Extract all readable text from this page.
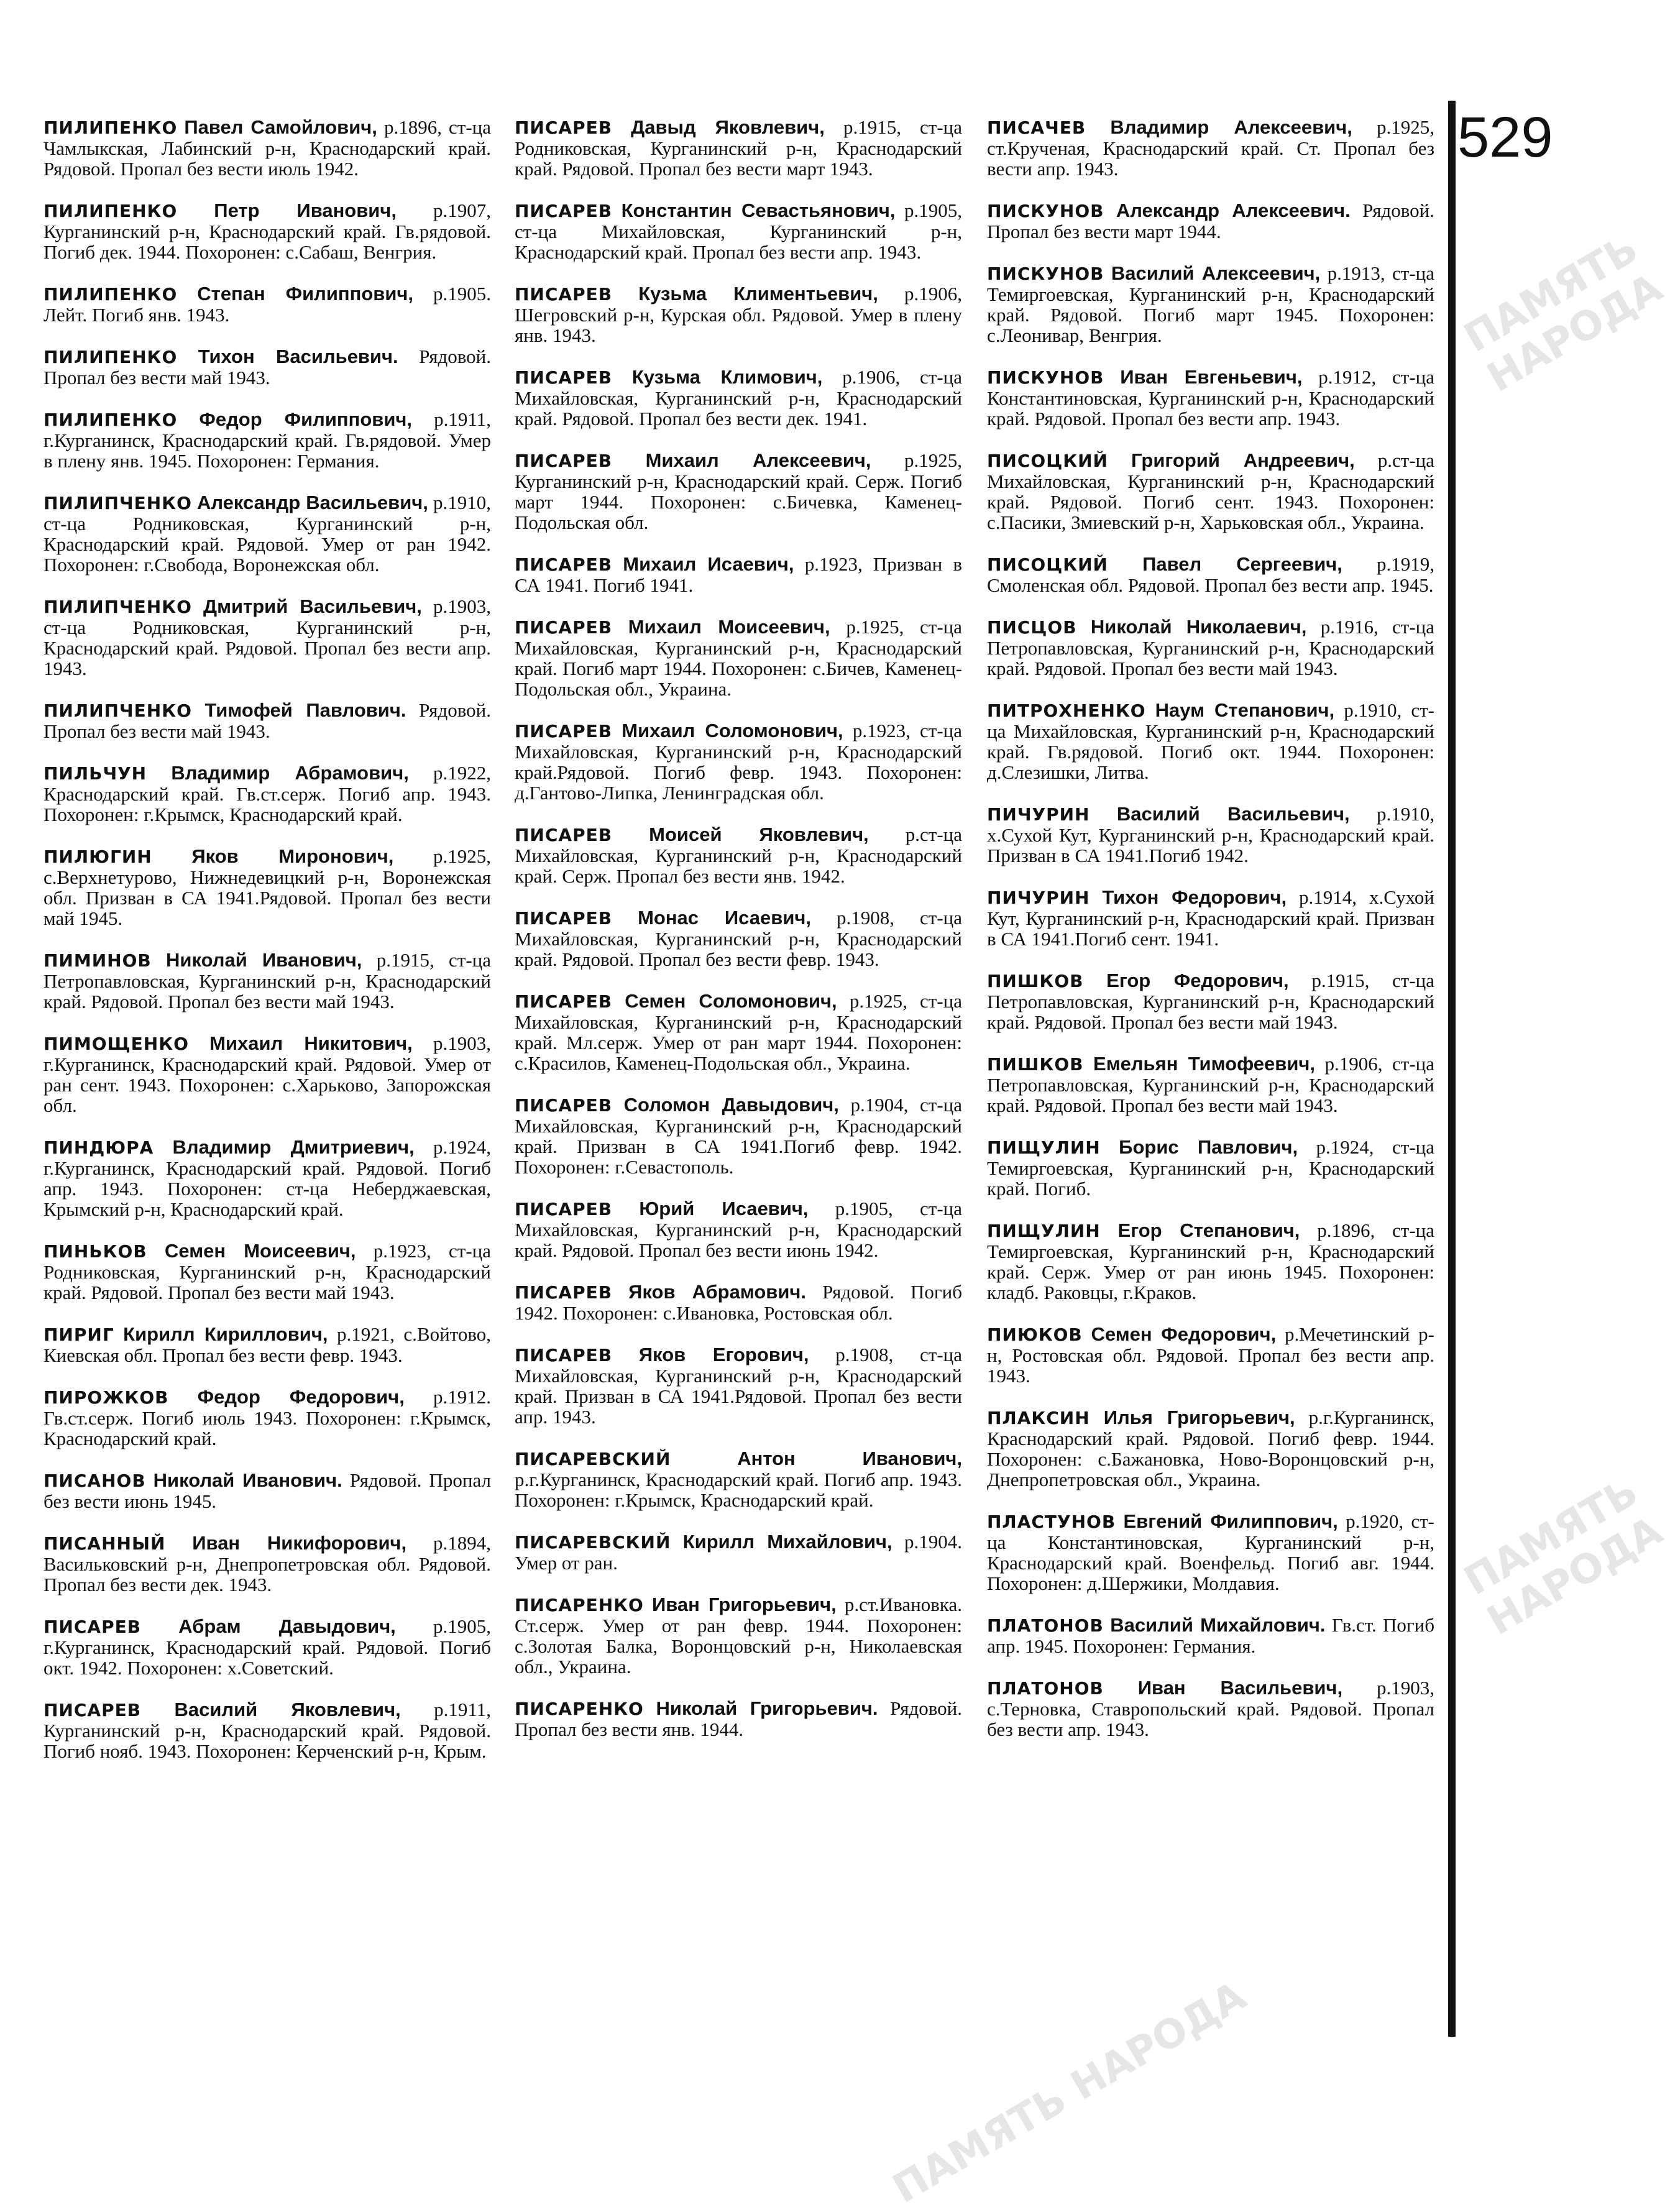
ПАМЯТЬ НАРОДА
ПАМЯТЬ НАРОДА
ПАМЯТЬ НАРОДА
ПИЛИПЕНКО Павел Самойлович, р.1896, ст-ца Чамлыкская, Лабинский р-н, Краснодарский край. Рядовой. Пропал без вести июль 1942.
ПИЛИПЕНКО Петр Иванович, р.1907, Курганинский р-н, Краснодарский край. Гв.рядовой. Погиб дек. 1944. Похоронен: с.Сабаш, Венгрия.
ПИЛИПЕНКО Степан Филиппович, р.1905. Лейт. Погиб янв. 1943.
ПИЛИПЕНКО Тихон Васильевич. Рядовой. Пропал без вести май 1943.
ПИЛИПЕНКО Федор Филиппович, р.1911, г.Курганинск, Краснодарский край. Гв.рядовой. Умер в плену янв. 1945. Похоронен: Германия.
ПИЛИПЧЕНКО Александр Васильевич, р.1910, ст-ца Родниковская, Курганинский р-н, Краснодарский край. Рядовой. Умер от ран 1942. Похоронен: г.Свобода, Воронежская обл.
ПИЛИПЧЕНКО Дмитрий Васильевич, р.1903, ст-ца Родниковская, Курганинский р-н, Краснодарский край. Рядовой. Пропал без вести апр. 1943.
ПИЛИПЧЕНКО Тимофей Павлович. Рядовой. Пропал без вести май 1943.
ПИЛЬЧУН Владимир Абрамович, р.1922, Краснодарский край. Гв.ст.серж. Погиб апр. 1943. Похоронен: г.Крымск, Краснодарский край.
ПИЛЮГИН Яков Миронович, р.1925, с.Верхнетурово, Нижнедевицкий р-н, Воронежская обл. Призван в СА 1941.Рядовой. Пропал без вести май 1945.
ПИМИНОВ Николай Иванович, р.1915, ст-ца Петропавловская, Курганинский р-н, Краснодарский край. Рядовой. Пропал без вести май 1943.
ПИМОЩЕНКО Михаил Никитович, р.1903, г.Курганинск, Краснодарский край. Рядовой. Умер от ран сент. 1943. Похоронен: с.Харьково, Запорожская обл.
ПИНДЮРА Владимир Дмитриевич, р.1924, г.Курганинск, Краснодарский край. Рядовой. Погиб апр. 1943. Похоронен: ст-ца Неберджаевская, Крымский р-н, Краснодарский край.
ПИНЬКОВ Семен Моисеевич, р.1923, ст-ца Родниковская, Курганинский р-н, Краснодарский край. Рядовой. Пропал без вести май 1943.
ПИРИГ Кирилл Кириллович, р.1921, с.Войтово, Киевская обл. Пропал без вести февр. 1943.
ПИРОЖКОВ Федор Федорович, р.1912. Гв.ст.серж. Погиб июль 1943. Похоронен: г.Крымск, Краснодарский край.
ПИСАНОВ Николай Иванович. Рядовой. Пропал без вести июнь 1945.
ПИСАННЫЙ Иван Никифорович, р.1894, Васильковский р-н, Днепропетровская обл. Рядовой. Пропал без вести дек. 1943.
ПИСАРЕВ Абрам Давыдович, р.1905, г.Курганинск, Краснодарский край. Рядовой. Погиб окт. 1942. Похоронен: х.Советский.
ПИСАРЕВ Василий Яковлевич, р.1911, Курганинский р-н, Краснодарский край. Рядовой. Погиб нояб. 1943. Похоронен: Керченский р-н, Крым.
ПИСАРЕВ Давыд Яковлевич, р.1915, ст-ца Родниковская, Курганинский р-н, Краснодарский край. Рядовой. Пропал без вести март 1943.
ПИСАРЕВ Константин Севастьянович, р.1905, ст-ца Михайловская, Курганинский р-н, Краснодарский край. Пропал без вести апр. 1943.
ПИСАРЕВ Кузьма Климентьевич, р.1906, Шегровский р-н, Курская обл. Рядовой. Умер в плену янв. 1943.
ПИСАРЕВ Кузьма Климович, р.1906, ст-ца Михайловская, Курганинский р-н, Краснодарский край. Рядовой. Пропал без вести дек. 1941.
ПИСАРЕВ Михаил Алексеевич, р.1925, Курганинский р-н, Краснодарский край. Серж. Погиб март 1944. Похоронен: с.Бичевка, Каменец-Подольская обл.
ПИСАРЕВ Михаил Исаевич, р.1923, Призван в СА 1941. Погиб 1941.
ПИСАРЕВ Михаил Моисеевич, р.1925, ст-ца Михайловская, Курганинский р-н, Краснодарский край. Погиб март 1944. Похоронен: с.Бичев, Каменец-Подольская обл., Украина.
ПИСАРЕВ Михаил Соломонович, р.1923, ст-ца Михайловская, Курганинский р-н, Краснодарский край.Рядовой. Погиб февр. 1943. Похоронен: д.Гантово-Липка, Ленинградская обл.
ПИСАРЕВ Моисей Яковлевич, р.ст-ца Михайловская, Курганинский р-н, Краснодарский край. Серж. Пропал без вести янв. 1942.
ПИСАРЕВ Монас Исаевич, р.1908, ст-ца Михайловская, Курганинский р-н, Краснодарский край. Рядовой. Пропал без вести февр. 1943.
ПИСАРЕВ Семен Соломонович, р.1925, ст-ца Михайловская, Курганинский р-н, Краснодарский край. Мл.серж. Умер от ран март 1944. Похоронен: с.Красилов, Каменец-Подольская обл., Украина.
ПИСАРЕВ Соломон Давыдович, р.1904, ст-ца Михайловская, Курганинский р-н, Краснодарский край. Призван в СА 1941.Погиб февр. 1942. Похоронен: г.Севастополь.
ПИСАРЕВ Юрий Исаевич, р.1905, ст-ца Михайловская, Курганинский р-н, Краснодарский край. Рядовой. Пропал без вести июнь 1942.
ПИСАРЕВ Яков Абрамович. Рядовой. Погиб 1942. Похоронен: с.Ивановка, Ростовская обл.
ПИСАРЕВ Яков Егорович, р.1908, ст-ца Михайловская, Курганинский р-н, Краснодарский край. Призван в СА 1941.Рядовой. Пропал без вести апр. 1943.
ПИСАРЕВСКИЙ	Антон Иванович, р.г.Курганинск, Краснодарский край. Погиб апр. 1943. Похоронен: г.Крымск, Краснодарский край.
ПИСАРЕВСКИЙ Кирилл Михайлович, р.1904. Умер от ран.
ПИСАРЕНКО Иван Григорьевич, р.ст.Ивановка. Ст.серж. Умер от ран февр. 1944. Похоронен: с.Золотая Балка, Воронцовский р-н, Николаевская обл., Украина.
ПИСАРЕНКО Николай Григорьевич. Рядовой. Пропал без вести янв. 1944.
ПИСАЧЕВ Владимир Алексеевич, р.1925, ст.Крученая, Краснодарский край. Ст. Пропал без вести апр. 1943.
ПИСКУНОВ Александр Алексеевич. Рядовой. Пропал без вести март 1944.
ПИСКУНОВ Василий Алексеевич, р.1913, ст-ца Темиргоевская, Курганинский р-н, Краснодарский край. Рядовой. Погиб март 1945. Похоронен: с.Леонивар, Венгрия.
ПИСКУНОВ Иван Евгеньевич, р.1912, ст-ца Константиновская, Курганинский р-н, Краснодарский край. Рядовой. Пропал без вести апр. 1943.
ПИСОЦКИЙ Григорий Андреевич, р.ст-ца Михайловская, Курганинский р-н, Краснодарский край. Рядовой. Погиб сент. 1943. Похоронен: с.Пасики, Змиевский р-н, Харьковская обл., Украина.
ПИСОЦКИЙ Павел Сергеевич, р.1919, Смоленская обл. Рядовой. Пропал без вести апр. 1945.
ПИСЦОВ Николай Николаевич, р.1916, ст-ца Петропавловская, Курганинский р-н, Краснодарский край. Рядовой. Пропал без вести май 1943.
ПИТРОХНЕНКО Наум Степанович, р.1910, ст-ца Михайловская, Курганинский р-н, Краснодарский край. Гв.рядовой. Погиб окт. 1944. Похоронен: д.Слезишки, Литва.
ПИЧУРИН Василий Васильевич, р.1910, х.Сухой Кут, Курганинский р-н, Краснодарский край. Призван в СА 1941.Погиб 1942.
ПИЧУРИН Тихон Федорович, р.1914, х.Сухой Кут, Курганинский р-н, Краснодарский край. Призван в СА 1941.Погиб сент. 1941.
ПИШКОВ Егор Федорович, р.1915, ст-ца Петропавловская, Курганинский р-н, Краснодарский край. Рядовой. Пропал без вести май 1943.
ПИШКОВ Емельян Тимофеевич, р.1906, ст-ца Петропавловская, Курганинский р-н, Краснодарский край. Рядовой. Пропал без вести май 1943.
ПИЩУЛИН Борис Павлович, р.1924, ст-ца Темиргоевская, Курганинский р-н, Краснодарский край. Погиб.
ПИЩУЛИН Егор Степанович, р.1896, ст-ца Темиргоевская, Курганинский р-н, Краснодарский край. Серж. Умер от ран июнь 1945. Похоронен: кладб. Раковцы, г.Краков.
ПИЮКОВ Семен Федорович, р.Мечетинский р-н, Ростовская обл. Рядовой. Пропал без вести апр. 1943.
ПЛАКСИН Илья Григорьевич, р.г.Курганинск, Краснодарский край. Рядовой. Погиб февр. 1944. Похоронен: с.Бажановка, Ново-Воронцовский р-н, Днепропетровская обл., Украина.
ПЛАСТУНОВ Евгений Филиппович, р.1920, ст-ца Константиновская, Курганинский р-н, Краснодарский край. Военфельд. Погиб авг. 1944. Похоронен: д.Шержики, Молдавия.
ПЛАТОНОВ Василий Михайлович. Гв.ст. Погиб апр. 1945. Похоронен: Германия.
ПЛАТОНОВ Иван Васильевич, р.1903, с.Терновка, Ставропольский край. Рядовой. Пропал без вести апр. 1943.
529
